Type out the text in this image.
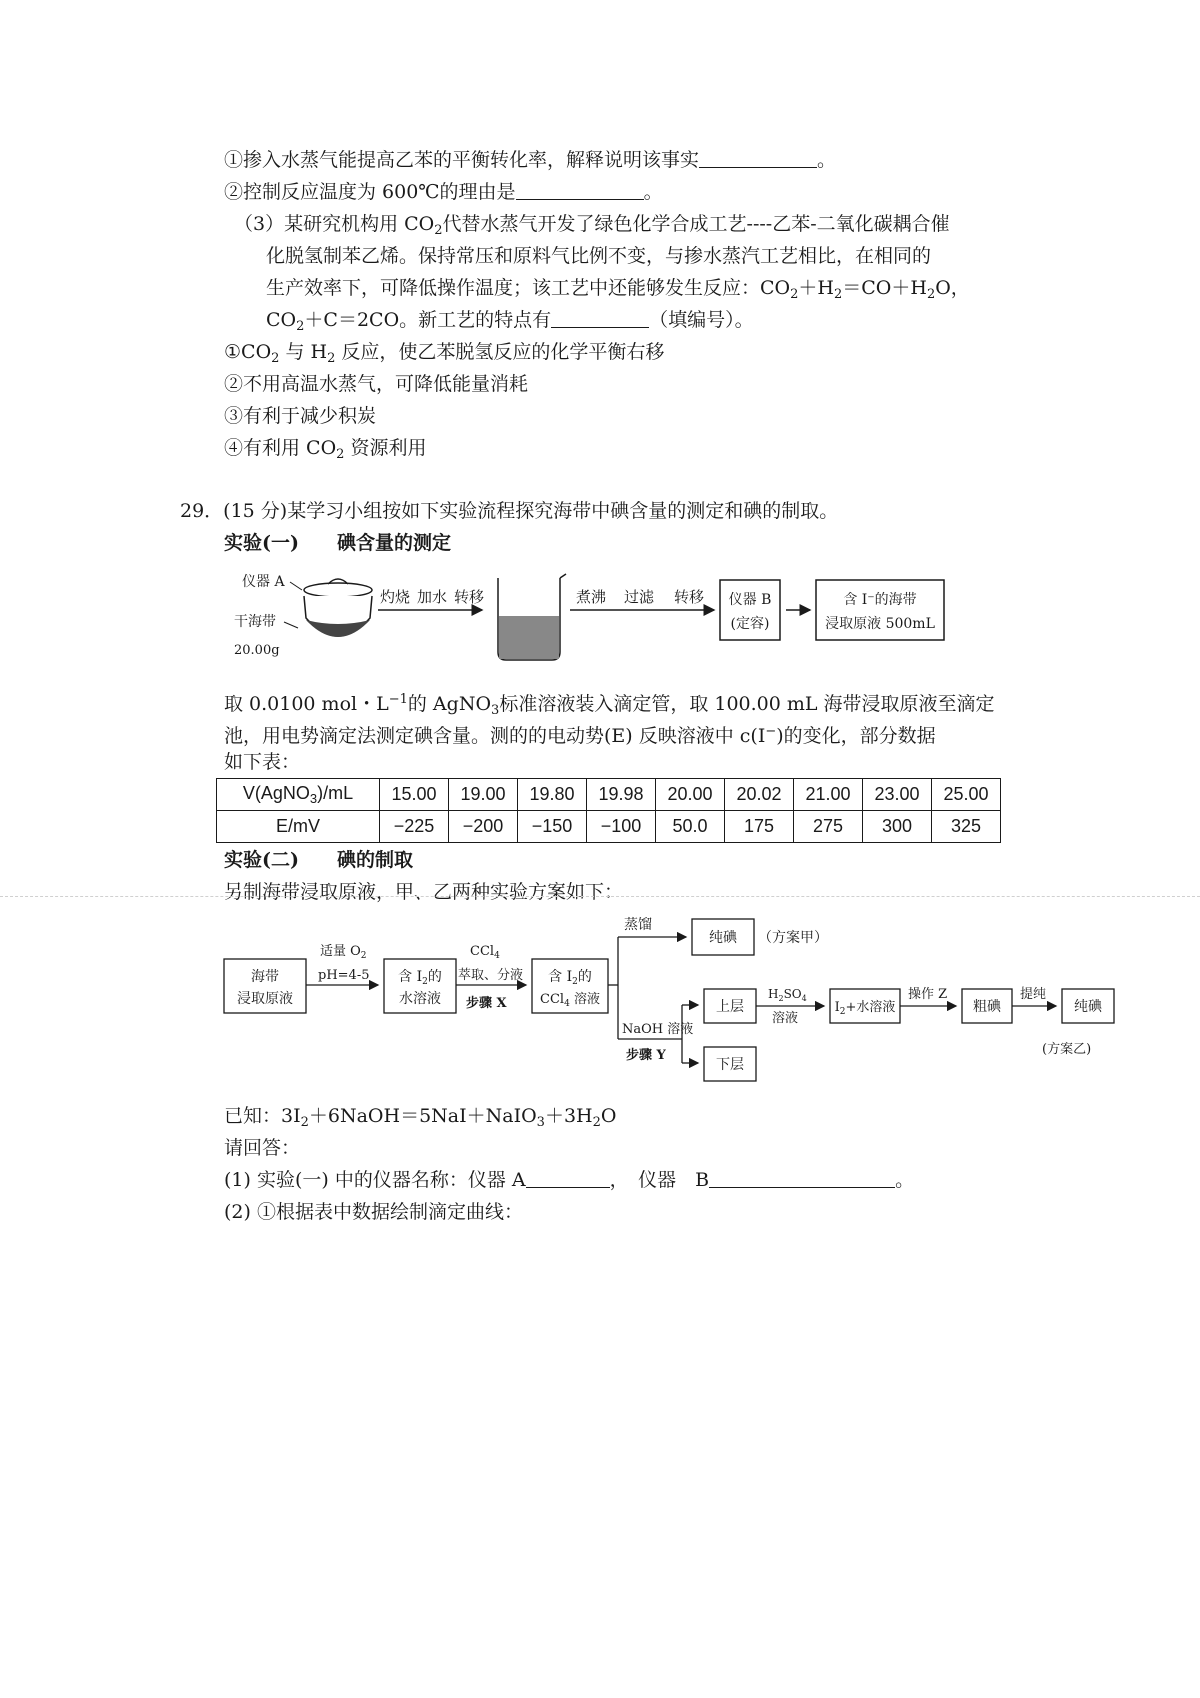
①掺入水蒸气能提高乙苯的平衡转化率，解释说明该事实	。
②控制反应温度为 600℃的理由是	。
（3）某研究机构用 $CO_2$代替水蒸气开发了绿色化学合成工艺----乙苯-二氧化碳耦合催
化脱氢制苯乙烯。保持常压和原料气比例不变，与掺水蒸汽工艺相比，在相同的
生产效率下，可降低操作温度；该工艺中还能够发生反应：$CO_2+H_2=CO+H_2O$，
$CO_2+C=2CO$。新工艺的特点有	（填编号）。
$①CO_2$ 与 $H_2$ 反应，使乙苯脱氢反应的化学平衡右移
②不用高温水蒸气，可降低能量消耗
③有利于减少积炭
④有利用 $CO_2$ 资源利用
29．(15 分)某学习小组按如下实验流程探究海带中碘含量的测定和碘的制取。
实验(一)　　碘含量的测定
仪器 A
干海带
20.00g
灼烧 加水 转移	煮沸 过滤 转移 仪器 B
(定容)
含 I⁻的海带
浸取原液 500mL
取 0.0100 mol・$L^{-1}$的 AgNO$_3$标准溶液装入滴定管，取 100.00 mL 海带浸取原液至滴定
池，用电势滴定法测定碘含量。测的的电动势(E) 反映溶液中 c(I−)的变化，部分数据
如下表：
V(AgNO$_3$)/mL	15.00	19.00	19.80	19.98	20.00	20.02	21.00	23.00	25.00
E/mV	−225	−200	−150	−100	50.0	175	275	300	325
实验(二)　　碘的制取
另制海带浸取原液，甲、乙两种实验方案如下：
海带
浸取原液
适量 $O_2$
pH=4-5 含 $I_2$的
水溶液
CCl$_4$
萃取、分液
步骤 X
含 $I_2$的
CCl$_4$ 溶液
蒸馏
纯碘 （方案甲）
NaOH 溶液
步骤 Y
上层
下层
$H_2SO_4$
溶液
$I_2+$水溶液
操作 Z
粗碘
提纯
纯碘
(方案乙)
已知：$3I_2+6NaOH=5NaI+NaIO_3+3H_2O$
请回答：
(1) 实验(一) 中的仪器名称：仪器 A	，　仪器　B	。
(2) ①根据表中数据绘制滴定曲线：
